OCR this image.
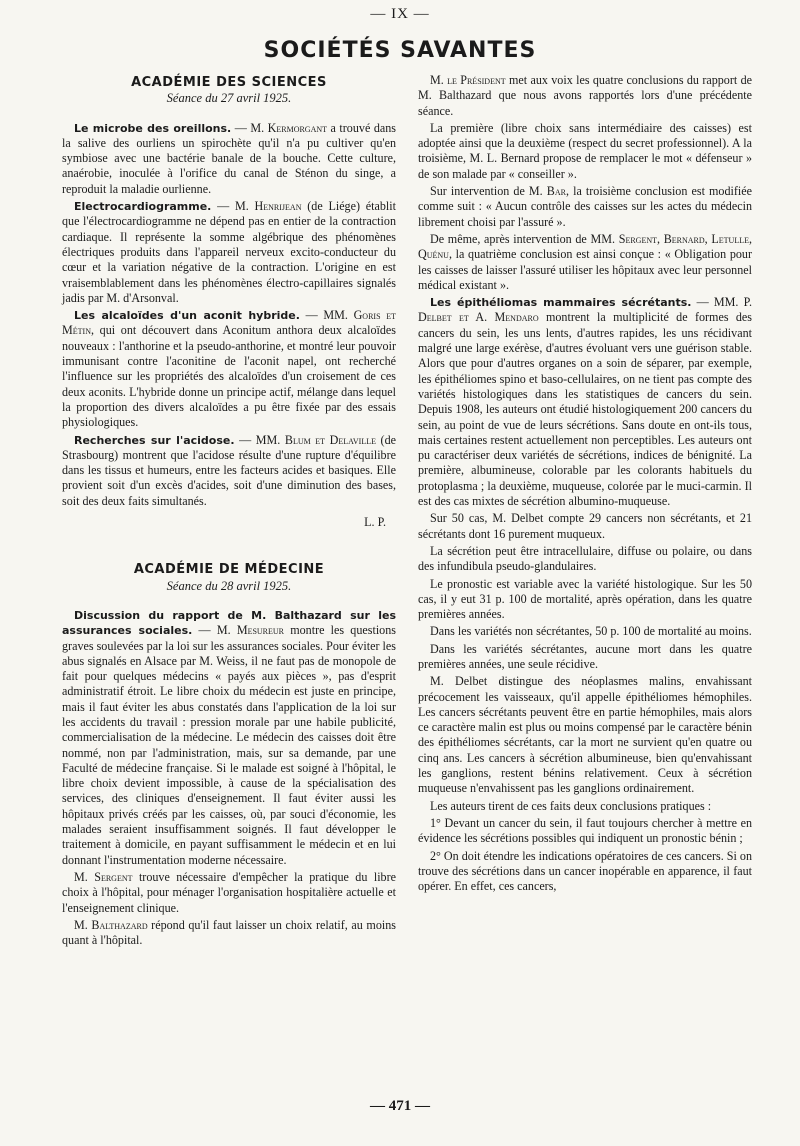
— IX —
SOCIÉTÉS SAVANTES
ACADÉMIE DES SCIENCES
Séance du 27 avril 1925.

Le microbe des oreillons. — M. Kermorgant a trouvé dans la salive des ourliens un spirochète qu'il n'a pu cultiver qu'en symbiose avec une bactérie banale de la bouche. Cette culture, anaérobie, inoculée à l'orifice du canal de Sténon du singe, a reproduit la maladie ourlienne.

Electrocardiogramme. — M. Henrijean (de Liége) établit que l'électrocardiogramme ne dépend pas en entier de la contraction cardiaque. Il représente la somme algébrique des phénomènes électriques produits dans l'appareil nerveux excito-conducteur du cœur et la variation négative de la contraction. L'origine en est vraisemblablement dans les phénomènes électro-capillaires signalés jadis par M. d'Arsonval.

Les alcaloïdes d'un aconit hybride. — MM. Goris et Métin, qui ont découvert dans Aconitum anthora deux alcaloïdes nouveaux : l'anthorine et la pseudo-anthorine, et montré leur pouvoir immunisant contre l'aconitine de l'aconit napel, ont recherché l'influence sur les propriétés des alcaloïdes d'un croisement de ces deux aconits. L'hybride donne un principe actif, mélange dans lequel la proportion des divers alcaloïdes a pu être fixée par des essais physiologiques.

Recherches sur l'acidose. — MM. Blum et Delaville (de Strasbourg) montrent que l'acidose résulte d'une rupture d'équilibre dans les tissus et humeurs, entre les facteurs acides et basiques. Elle provient soit d'un excès d'acides, soit d'une diminution des bases, soit des deux faits simultanés.

L. P.

ACADÉMIE DE MÉDECINE
Séance du 28 avril 1925.

Discussion du rapport de M. Balthazard sur les assurances sociales. — M. Mesureur montre les questions graves soulevées par la loi sur les assurances sociales. Pour éviter les abus signalés en Alsace par M. Weiss, il ne faut pas de monopole de fait pour quelques médecins « payés aux pièces », pas d'esprit administratif étroit. Le libre choix du médecin est juste en principe, mais il faut éviter les abus constatés dans l'application de la loi sur les accidents du travail : pression morale par une habile publicité, commercialisation de la médecine. Le médecin des caisses doit être nommé, non par l'administration, mais, sur sa demande, par une Faculté de médecine française. Si le malade est soigné à l'hôpital, le libre choix devient impossible, à cause de la spécialisation des services, des cliniques d'enseignement. Il faut éviter aussi les hôpitaux privés créés par les caisses, où, par souci d'économie, les malades seraient insuffisamment soignés. Il faut développer le traitement à domicile, en payant suffisamment le médecin et en lui donnant l'instrumentation moderne nécessaire.

M. Sergent trouve nécessaire d'empêcher la pratique du libre choix à l'hôpital, pour ménager l'organisation hospitalière actuelle et l'enseignement clinique.

M. Balthazard répond qu'il faut laisser un choix relatif, au moins quant à l'hôpital.

M. le Président met aux voix les quatre conclusions du rapport de M. Balthazard que nous avons rapportés lors d'une précédente séance.

La première (libre choix sans intermédiaire des caisses) est adoptée ainsi que la deuxième (respect du secret professionnel). A la troisième, M. L. Bernard propose de remplacer le mot « défenseur » de son malade par « conseiller ».

Sur intervention de M. Bar, la troisième conclusion est modifiée comme suit : « Aucun contrôle des caisses sur les actes du médecin librement choisi par l'assuré ».

De même, après intervention de MM. Sergent, Bernard, Letulle, Quénu, la quatrième conclusion est ainsi conçue : « Obligation pour les caisses de laisser l'assuré utiliser les hôpitaux avec leur personnel médical existant ».

Les épithéliomas mammaires sécrétants. — MM. P. Delbet et A. Mendaro montrent la multiplicité de formes des cancers du sein, les uns lents, d'autres rapides, les uns récidivant malgré une large exérèse, d'autres évoluant vers une guérison stable. Alors que pour d'autres organes on a soin de séparer, par exemple, les épithéliomes spino et baso-cellulaires, on ne tient pas compte des variétés histologiques dans les statistiques de cancers du sein. Depuis 1908, les auteurs ont étudié histologiquement 200 cancers du sein, au point de vue de leurs sécrétions. Sans doute en ont-ils tous, mais certaines restent actuellement non perceptibles. Les auteurs ont pu caractériser deux variétés de sécrétions, indices de bénignité. La première, albumineuse, colorable par les colorants habituels du protoplasma ; la deuxième, muqueuse, colorée par le muci-carmin. Il est des cas mixtes de sécrétion albumino-muqueuse.

Sur 50 cas, M. Delbet compte 29 cancers non sécrétants, et 21 sécrétants dont 16 purement muqueux.

La sécrétion peut être intracellulaire, diffuse ou polaire, ou dans des infundibula pseudo-glandulaires.

Le pronostic est variable avec la variété histologique. Sur les 50 cas, il y eut 31 p. 100 de mortalité, après opération, dans les quatre premières années.

Dans les variétés non sécrétantes, 50 p. 100 de mortalité au moins.

Dans les variétés sécrétantes, aucune mort dans les quatre premières années, une seule récidive.

M. Delbet distingue des néoplasmes malins, envahissant précocement les vaisseaux, qu'il appelle épithéliomes hémophiles. Les cancers sécrétants peuvent être en partie hémophiles, mais alors ce caractère malin est plus ou moins compensé par le caractère bénin des épithéliomes sécrétants, car la mort ne survient qu'en quatre ou cinq ans. Les cancers à sécrétion albumineuse, bien qu'envahissant les ganglions, restent bénins relativement. Ceux à sécrétion muqueuse n'envahissent pas les ganglions ordinairement.

Les auteurs tirent de ces faits deux conclusions pratiques :

1° Devant un cancer du sein, il faut toujours chercher à mettre en évidence les sécrétions possibles qui indiquent un pronostic bénin ;

2° On doit étendre les indications opératoires de ces cancers. Si on trouve des sécrétions dans un cancer inopérable en apparence, il faut opérer. En effet, ces cancers,

— 471 —
